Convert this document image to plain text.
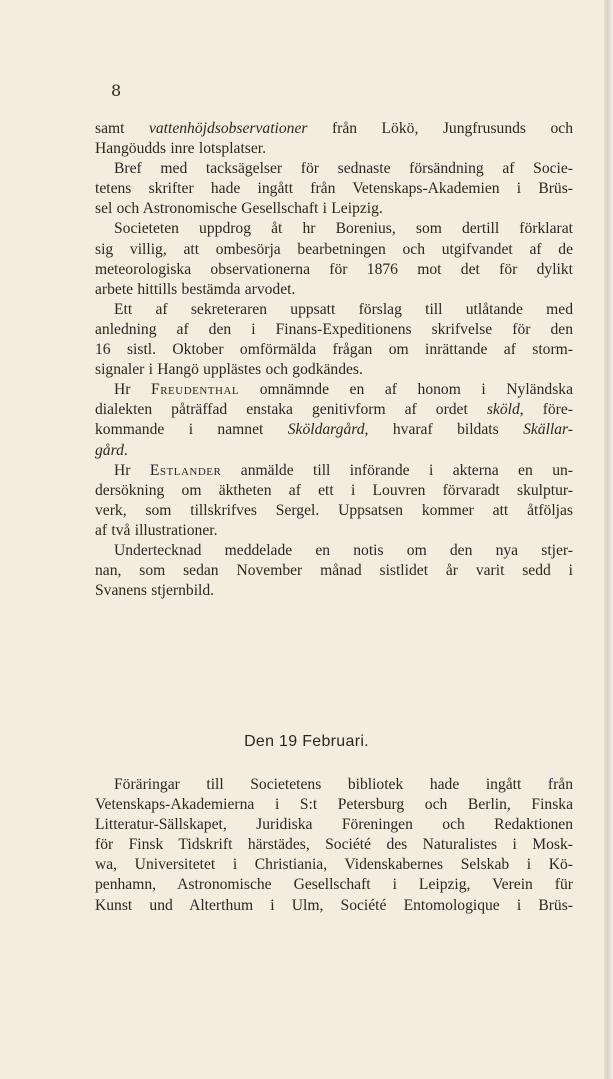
8
samt vattenhöjdsobservationer från Lökö, Jungfrusunds och
Hangöudds inre lotsplatser.
Bref med tacksägelser för sednaste försändning af Socie-
tetens skrifter hade ingått från Vetenskaps-Akademien i Brüs-
sel och Astronomische Gesellschaft i Leipzig.
Societeten uppdrog åt hr Borenius, som dertill förklarat
sig villig, att ombesörja bearbetningen och utgifvandet af de
meteorologiska observationerna för 1876 mot det för dylikt
arbete hittills bestämda arvodet.
Ett af sekreteraren uppsatt förslag till utlåtande med
anledning af den i Finans-Expeditionens skrifvelse för den
16 sistl. Oktober omförmälda frågan om inrättande af storm-
signaler i Hangö upplästes och godkändes.
Hr Freudenthal omnämnde en af honom i Nyländska
dialekten påträffad enstaka genitivform af ordet sköld, före-
kommande i namnet Sköldargård, hvaraf bildats Skällar-
gård.
Hr Estlander anmälde till införande i akterna en un-
dersökning om äktheten af ett i Louvren förvaradt skulptur-
verk, som tillskrifves Sergel. Uppsatsen kommer att åtföljas
af två illustrationer.
Undertecknad meddelade en notis om den nya stjer-
nan, som sedan November månad sistlidet år varit sedd i
Svanens stjernbild.
Den 19 Februari.
Föräringar till Societetens bibliotek hade ingått från
Vetenskaps-Akademierna i S:t Petersburg och Berlin, Finska
Litteratur-Sällskapet, Juridiska Föreningen och Redaktionen
för Finsk Tidskrift härstädes, Société des Naturalistes i Mosk-
wa, Universitetet i Christiania, Videnskabernes Selskab i Kö-
penhamn, Astronomische Gesellschaft i Leipzig, Verein für
Kunst und Alterthum i Ulm, Société Entomologique i Brüs-
